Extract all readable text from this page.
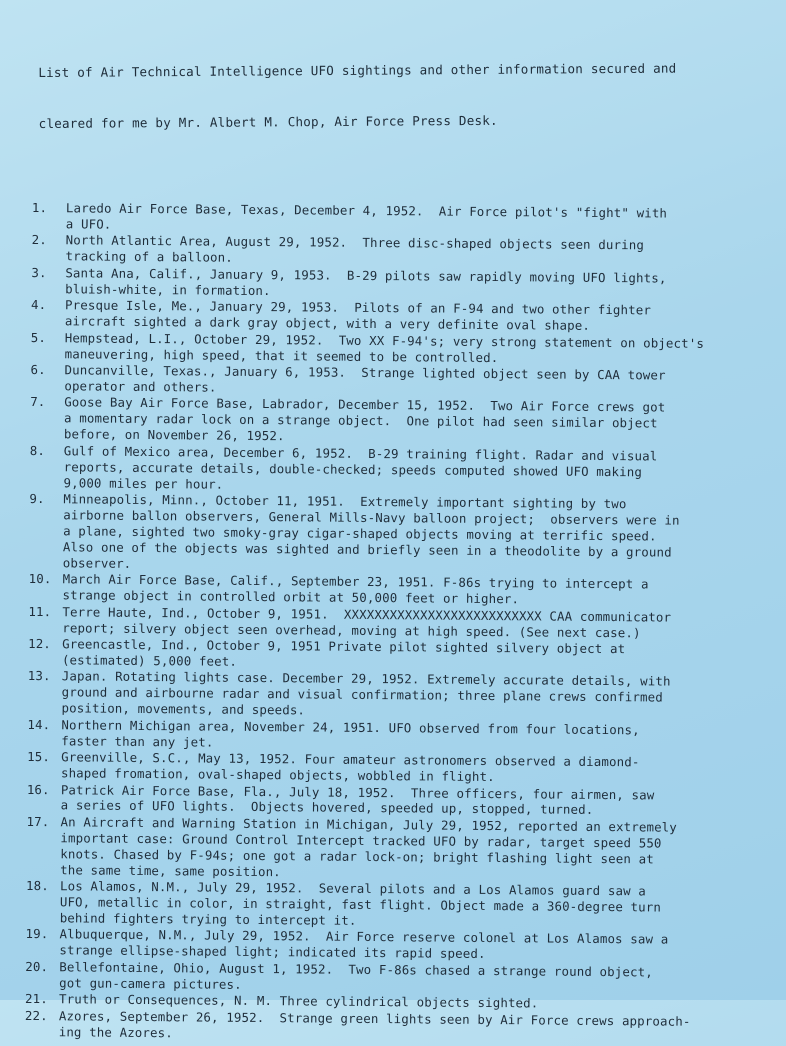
List of Air Technical Intelligence UFO sightings and other information secured and

cleared for me by Mr. Albert M. Chop, Air Force Press Desk.

1.	Laredo Air Force Base, Texas, December 4, 1952.  Air Force pilot's "fight" with
a UFO.
2.	North Atlantic Area, August 29, 1952.  Three disc-shaped objects seen during
tracking of a balloon.
3.	Santa Ana, Calif., January 9, 1953.  B-29 pilots saw rapidly moving UFO lights,
bluish-white, in formation.
4.	Presque Isle, Me., January 29, 1953.  Pilots of an F-94 and two other fighter
aircraft sighted a dark gray object, with a very definite oval shape.
5.	Hempstead, L.I., October 29, 1952.  Two XX F-94's; very strong statement on object's
maneuvering, high speed, that it seemed to be controlled.
6.	Duncanville, Texas., January 6, 1953.  Strange lighted object seen by CAA tower
operator and others.
7.	Goose Bay Air Force Base, Labrador, December 15, 1952.  Two Air Force crews got
a momentary radar lock on a strange object.  One pilot had seen similar object
before, on November 26, 1952.
8.	Gulf of Mexico area, December 6, 1952.  B-29 training flight. Radar and visual
reports, accurate details, double-checked; speeds computed showed UFO making
9,000 miles per hour.
9.	Minneapolis, Minn., October 11, 1951.  Extremely important sighting by two
airborne ballon observers, General Mills-Navy balloon project;  observers were in
a plane, sighted two smoky-gray cigar-shaped objects moving at terrific speed.
Also one of the objects was sighted and briefly seen in a theodolite by a ground
observer.
10. March Air Force Base, Calif., September 23, 1951. F-86s trying to intercept a
strange object in controlled orbit at 50,000 feet or higher.
11. Terre Haute, Ind., October 9, 1951.  XXXXXXXXXXXXXXXXXXXXXXXXXX CAA communicator
report; silvery object seen overhead, moving at high speed. (See next case.)
12. Greencastle, Ind., October 9, 1951 Private pilot sighted silvery object at
(estimated) 5,000 feet.
13. Japan. Rotating lights case. December 29, 1952. Extremely accurate details, with
ground and airbourne radar and visual confirmation; three plane crews confirmed
position, movements, and speeds.
14. Northern Michigan area, November 24, 1951. UFO observed from four locations,
faster than any jet.
15. Greenville, S.C., May 13, 1952. Four amateur astronomers observed a diamond-
shaped fromation, oval-shaped objects, wobbled in flight.
16. Patrick Air Force Base, Fla., July 18, 1952.  Three officers, four airmen, saw
a series of UFO lights.  Objects hovered, speeded up, stopped, turned.
17. An Aircraft and Warning Station in Michigan, July 29, 1952, reported an extremely
important case: Ground Control Intercept tracked UFO by radar, target speed 550
knots. Chased by F-94s; one got a radar lock-on; bright flashing light seen at
the same time, same position.
18. Los Alamos, N.M., July 29, 1952.  Several pilots and a Los Alamos guard saw a
UFO, metallic in color, in straight, fast flight. Object made a 360-degree turn
behind fighters trying to intercept it.
19. Albuquerque, N.M., July 29, 1952.  Air Force reserve colonel at Los Alamos saw a
strange ellipse-shaped light; indicated its rapid speed.
20. Bellefontaine, Ohio, August 1, 1952.  Two F-86s chased a strange round object,
got gun-camera pictures.
21. Truth or Consequences, N. M. Three cylindrical objects sighted.
22. Azores, September 26, 1952.  Strange green lights seen by Air Force crews approach-
ing the Azores.
